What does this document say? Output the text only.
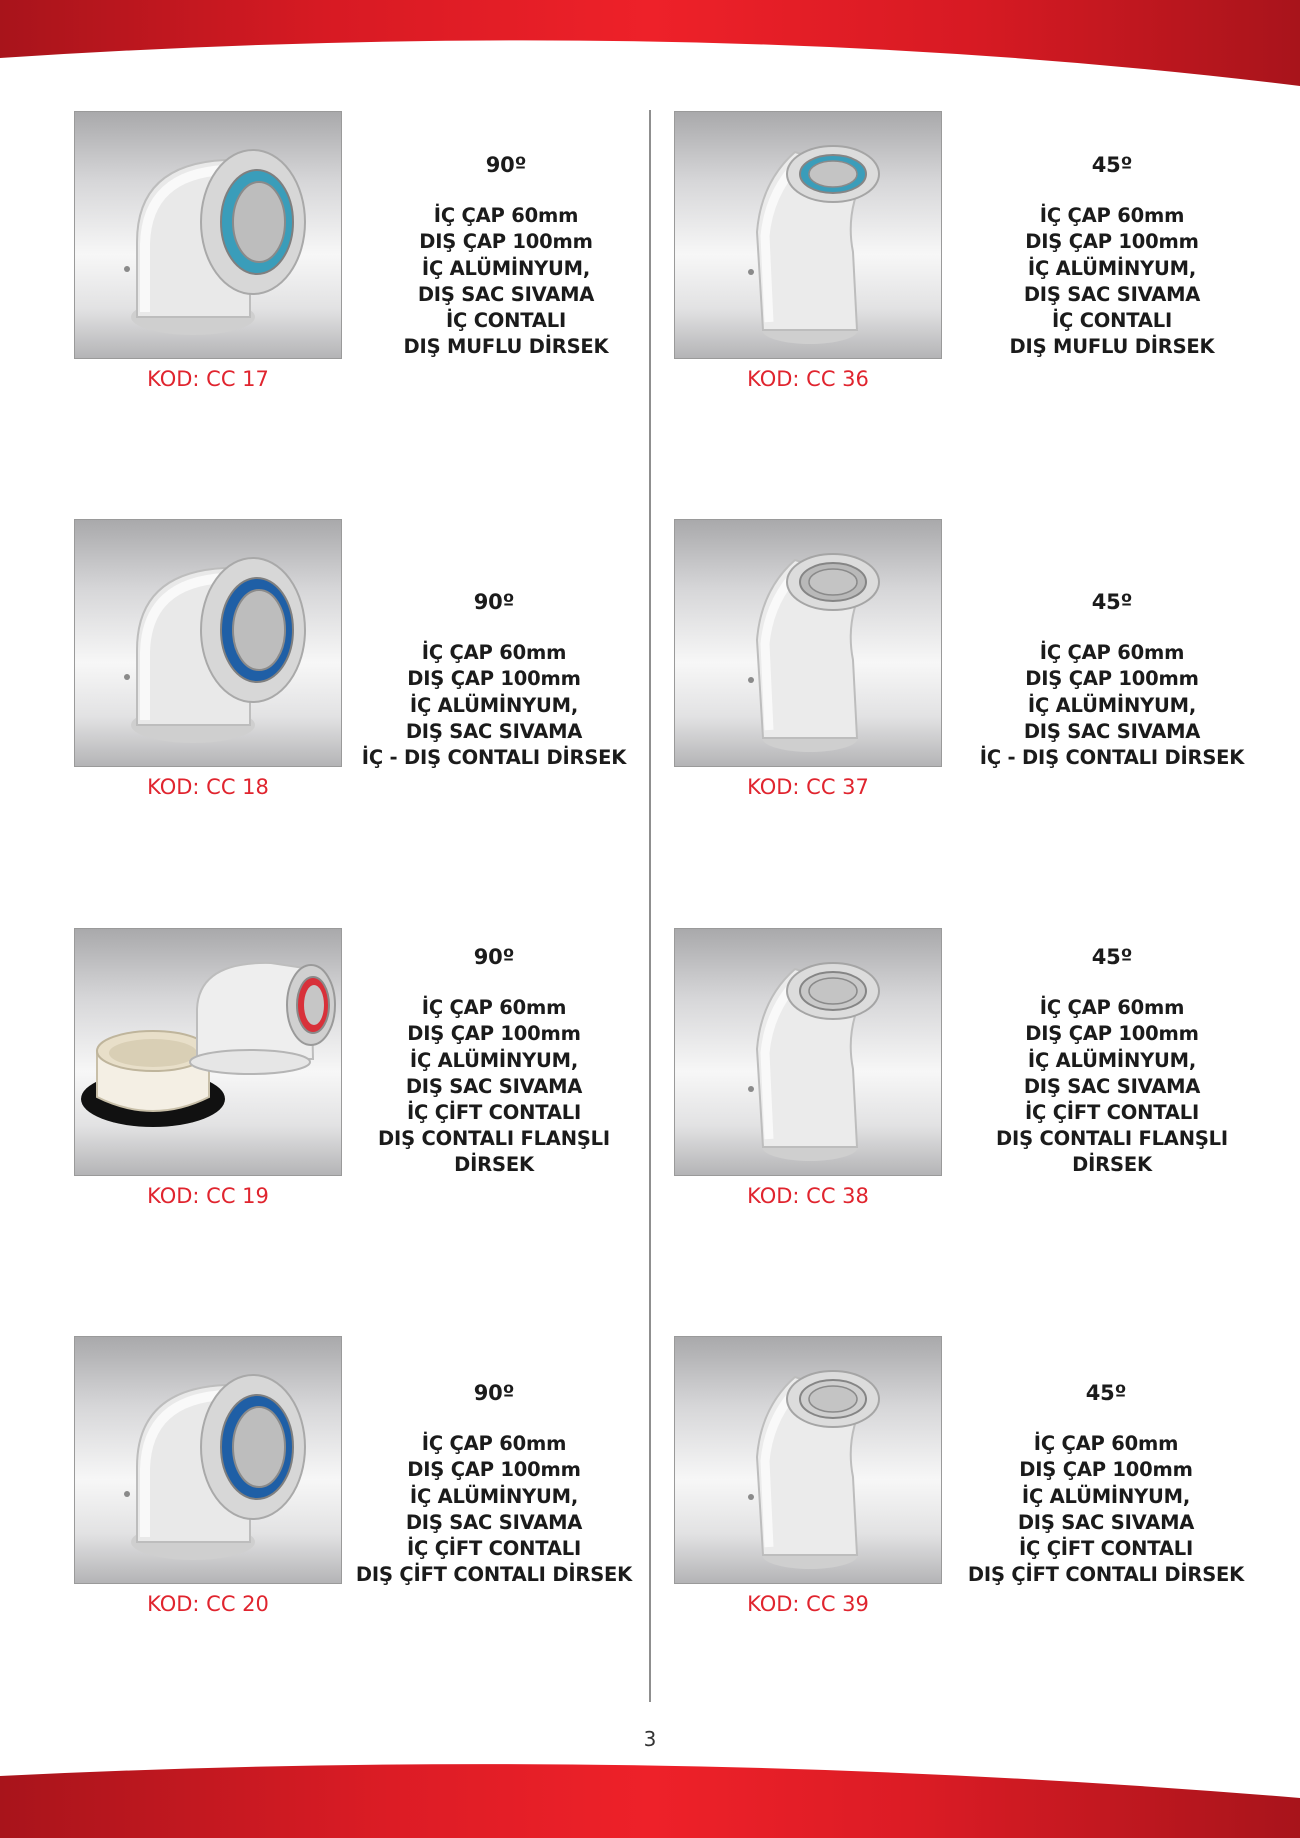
KOD: CC 17
90º
İÇ ÇAP 60mm
DIŞ ÇAP 100mm
İÇ ALÜMİNYUM,
DIŞ SAC SIVAMA
İÇ CONTALI
DIŞ MUFLU DİRSEK
KOD: CC 36
45º
İÇ ÇAP 60mm
DIŞ ÇAP 100mm
İÇ ALÜMİNYUM,
DIŞ SAC SIVAMA
İÇ CONTALI
DIŞ MUFLU DİRSEK
KOD: CC 18
90º
İÇ ÇAP 60mm
DIŞ ÇAP 100mm
İÇ ALÜMİNYUM,
DIŞ SAC SIVAMA
İÇ - DIŞ CONTALI DİRSEK
KOD: CC 37
45º
İÇ ÇAP 60mm
DIŞ ÇAP 100mm
İÇ ALÜMİNYUM,
DIŞ SAC SIVAMA
İÇ - DIŞ CONTALI DİRSEK
KOD: CC 19
90º
İÇ ÇAP 60mm
DIŞ ÇAP 100mm
İÇ ALÜMİNYUM,
DIŞ SAC SIVAMA
İÇ ÇİFT CONTALI
DIŞ CONTALI FLANŞLI
DİRSEK
KOD: CC 38
45º
İÇ ÇAP 60mm
DIŞ ÇAP 100mm
İÇ ALÜMİNYUM,
DIŞ SAC SIVAMA
İÇ ÇİFT CONTALI
DIŞ CONTALI FLANŞLI
DİRSEK
KOD: CC 20
90º
İÇ ÇAP 60mm
DIŞ ÇAP 100mm
İÇ ALÜMİNYUM,
DIŞ SAC SIVAMA
İÇ ÇİFT CONTALI
DIŞ ÇİFT CONTALI DİRSEK
KOD: CC 39
45º
İÇ ÇAP 60mm
DIŞ ÇAP 100mm
İÇ ALÜMİNYUM,
DIŞ SAC SIVAMA
İÇ ÇİFT CONTALI
DIŞ ÇİFT CONTALI DİRSEK
3
